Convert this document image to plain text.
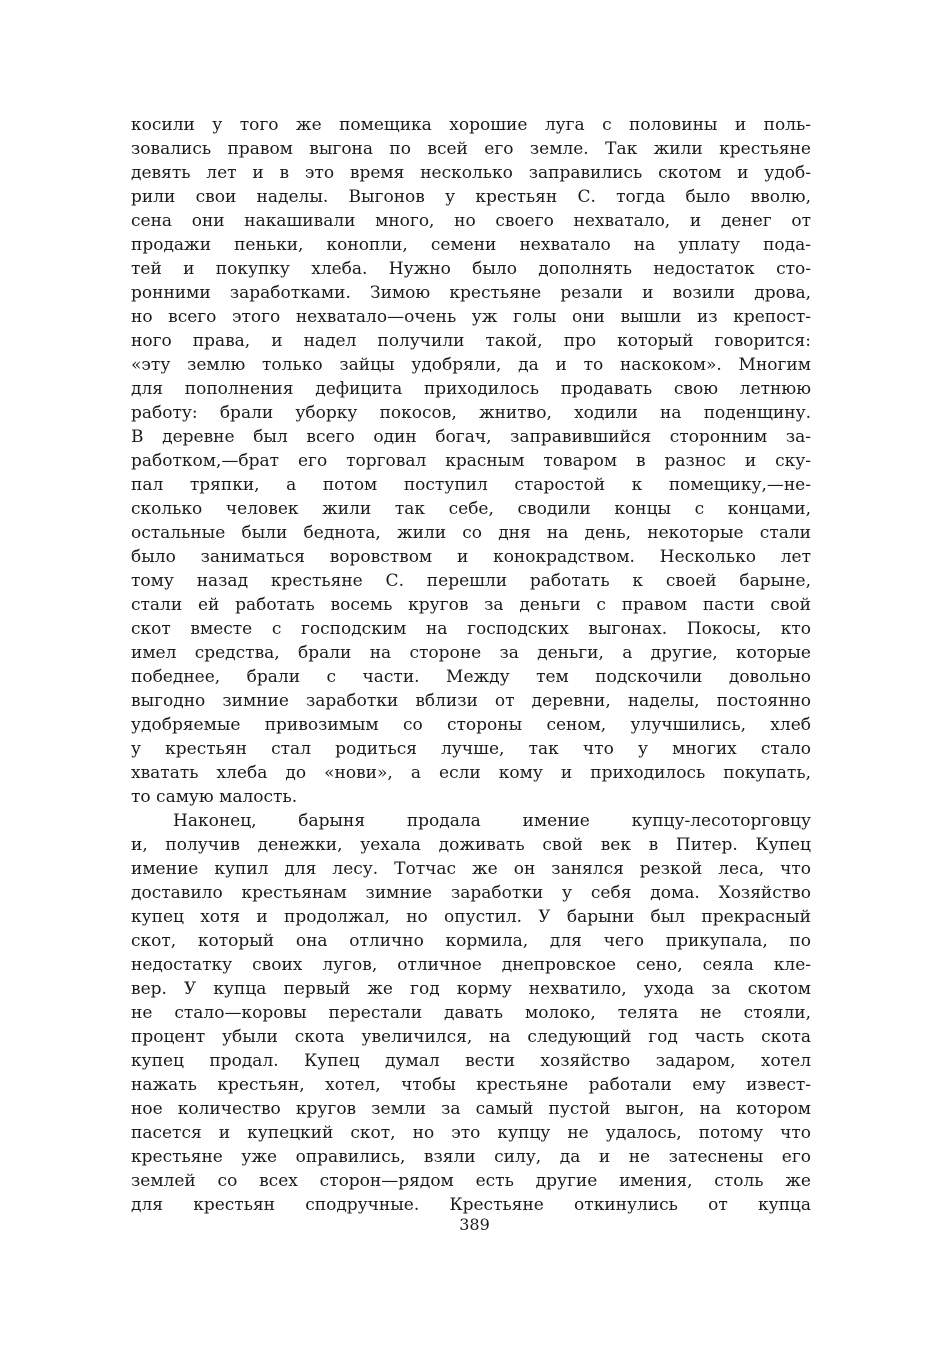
косили у того же помещика хорошие луга с половины и поль-
зовались правом выгона по всей его земле. Так жили крестьяне
девять лет и в это время несколько заправились скотом и удоб-
рили свои наделы. Выгонов у крестьян С. тогда было вволю,
сена они накашивали много, но своего нехватало, и денег от
продажи пеньки, конопли, семени нехватало на уплату пода-
тей и покупку хлеба. Нужно было дополнять недостаток сто-
ронними заработками. Зимою крестьяне резали и возили дрова,
но всего этого нехватало—очень уж голы они вышли из крепост-
ного права, и надел получили такой, про который говорится:
«эту землю только зайцы удобряли, да и то наскоком». Многим
для пополнения дефицита приходилось продавать свою летнюю
работу: брали уборку покосов, жнитво, ходили на поденщину.
В деревне был всего один богач, заправившийся сторонним за-
работком,—брат его торговал красным товаром в разнос и ску-
пал тряпки, а потом поступил старостой к помещику,—не-
сколько человек жили так себе, сводили концы с концами,
остальные были беднота, жили со дня на день, некоторые стали
было заниматься воровством и конокрадством. Несколько лет
тому назад крестьяне С. перешли работать к своей барыне,
стали ей работать восемь кругов за деньги с правом пасти свой
скот вместе с господским на господских выгонах. Покосы, кто
имел средства, брали на стороне за деньги, а другие, которые
победнее, брали с части. Между тем подскочили довольно
выгодно зимние заработки вблизи от деревни, наделы, постоянно
удобряемые привозимым со стороны сеном, улучшились, хлеб
у крестьян стал родиться лучше, так что у многих стало
хватать хлеба до «нови», а если кому и приходилось покупать,
то самую малость.
Наконец, барыня продала имение купцу-лесоторговцу
и, получив денежки, уехала доживать свой век в Питер. Купец
имение купил для лесу. Тотчас же он занялся резкой леса, что
доставило крестьянам зимние заработки у себя дома. Хозяйство
купец хотя и продолжал, но опустил. У барыни был прекрасный
скот, который она отлично кормила, для чего прикупала, по
недостатку своих лугов, отличное днепровское сено, сеяла кле-
вер. У купца первый же год корму нехватило, ухода за скотом
не стало—коровы перестали давать молоко, телята не стояли,
процент убыли скота увеличился, на следующий год часть скота
купец продал. Купец думал вести хозяйство задаром, хотел
нажать крестьян, хотел, чтобы крестьяне работали ему извест-
ное количество кругов земли за самый пустой выгон, на котором
пасется и купецкий скот, но это купцу не удалось, потому что
крестьяне уже оправились, взяли силу, да и не затеснены его
землей со всех сторон—рядом есть другие имения, столь же
для крестьян сподручные. Крестьяне откинулись от купца
389
